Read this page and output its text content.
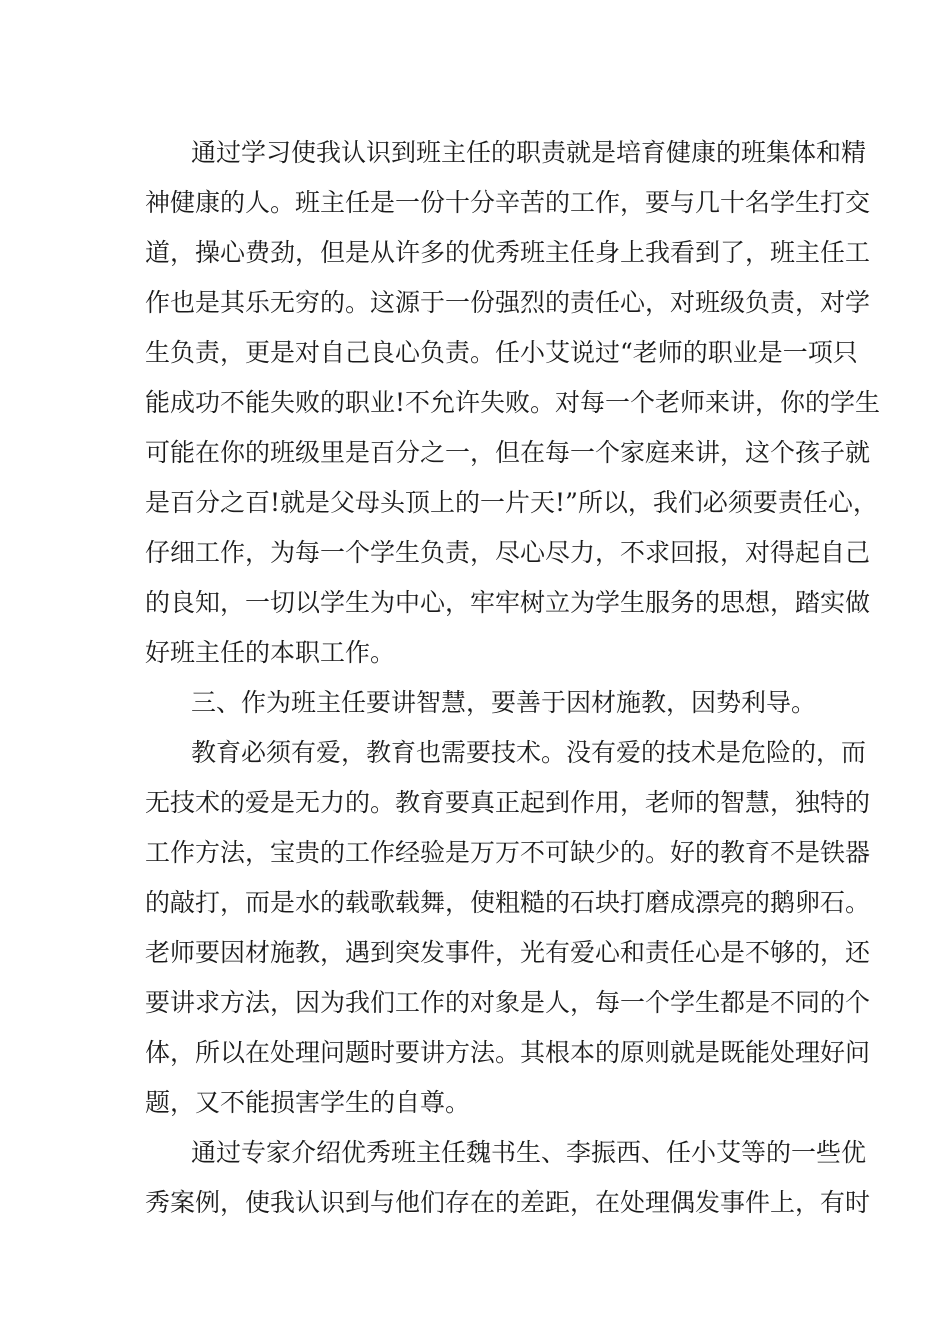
通过学习使我认识到班主任的职责就是培育健康的班集体和精
神健康的人。班主任是一份十分辛苦的工作，要与几十名学生打交
道，操心费劲，但是从许多的优秀班主任身上我看到了，班主任工
作也是其乐无穷的。这源于一份强烈的责任心，对班级负责，对学
生负责，更是对自己良心负责。任小艾说过“老师的职业是一项只
能成功不能失败的职业!不允许失败。对每一个老师来讲，你的学生
可能在你的班级里是百分之一，但在每一个家庭来讲，这个孩子就
是百分之百!就是父母头顶上的一片天!”所以，我们必须要责任心，
仔细工作，为每一个学生负责，尽心尽力，不求回报，对得起自己
的良知，一切以学生为中心，牢牢树立为学生服务的思想，踏实做
好班主任的本职工作。
三、作为班主任要讲智慧，要善于因材施教，因势利导。
教育必须有爱，教育也需要技术。没有爱的技术是危险的，而
无技术的爱是无力的。教育要真正起到作用，老师的智慧，独特的
工作方法，宝贵的工作经验是万万不可缺少的。好的教育不是铁器
的敲打，而是水的载歌载舞，使粗糙的石块打磨成漂亮的鹅卵石。
老师要因材施教，遇到突发事件，光有爱心和责任心是不够的，还
要讲求方法，因为我们工作的对象是人，每一个学生都是不同的个
体，所以在处理问题时要讲方法。其根本的原则就是既能处理好问
题，又不能损害学生的自尊。
通过专家介绍优秀班主任魏书生、李振西、任小艾等的一些优
秀案例，使我认识到与他们存在的差距，在处理偶发事件上，有时
